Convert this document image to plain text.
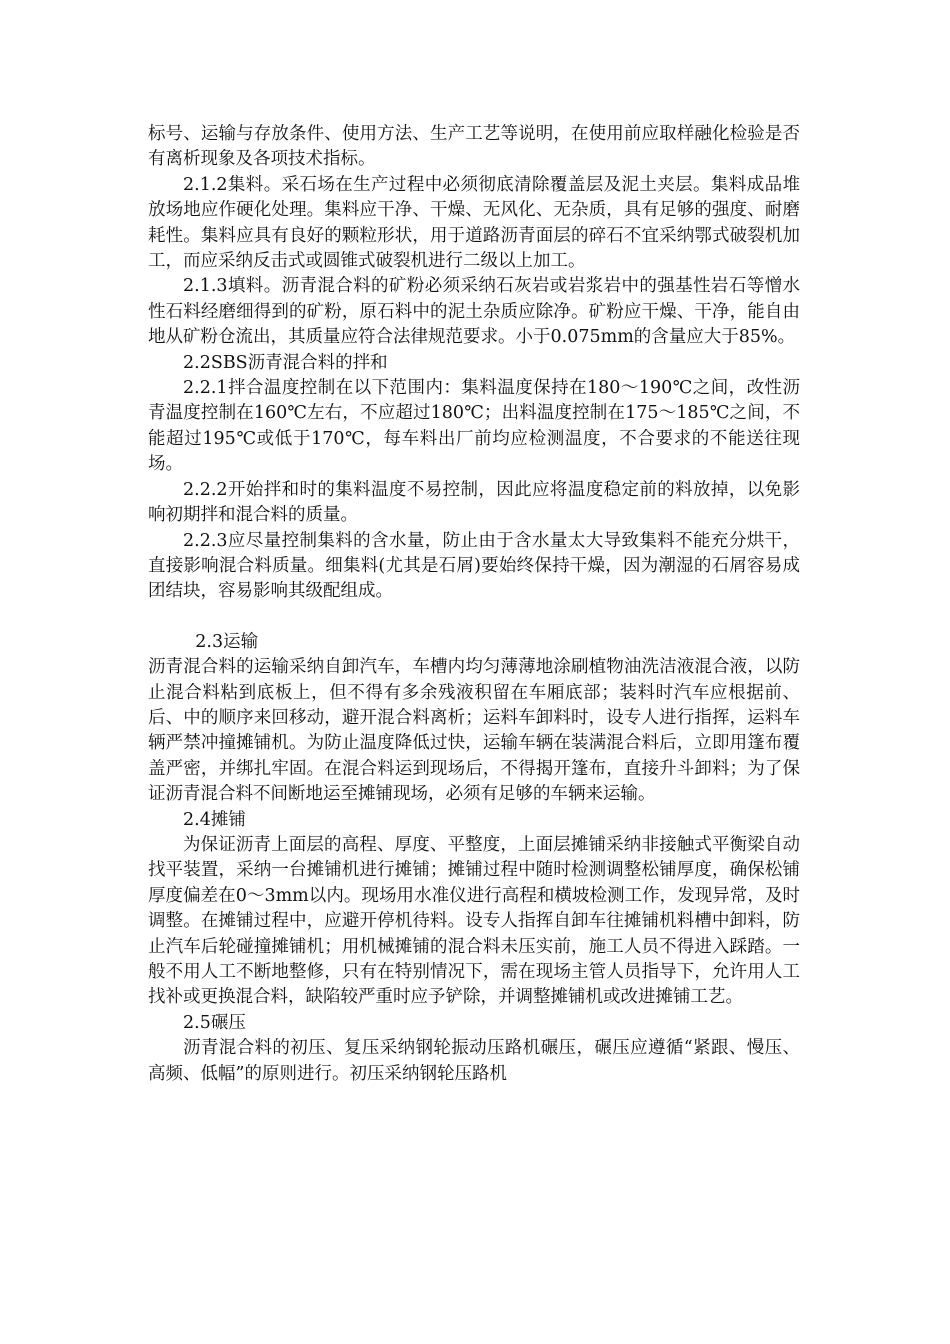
标号、运输与存放条件、使用方法、生产工艺等说明，在使用前应取样融化检验是否有离析现象及各项技术指标。

2.1.2集料。采石场在生产过程中必须彻底清除覆盖层及泥土夹层。集料成品堆放场地应作硬化处理。集料应干净、干燥、无风化、无杂质，具有足够的强度、耐磨耗性。集料应具有良好的颗粒形状，用于道路沥青面层的碎石不宜采纳鄂式破裂机加工，而应采纳反击式或圆锥式破裂机进行二级以上加工。

2.1.3填料。沥青混合料的矿粉必须采纳石灰岩或岩浆岩中的强基性岩石等憎水性石料经磨细得到的矿粉，原石料中的泥土杂质应除净。矿粉应干燥、干净，能自由地从矿粉仓流出，其质量应符合法律规范要求。小于0.075mm的含量应大于85%。

2.2SBS沥青混合料的拌和

2.2.1拌合温度控制在以下范围内：集料温度保持在180～190℃之间，改性沥青温度控制在160℃左右，不应超过180℃；出料温度控制在175～185℃之间，不能超过195℃或低于170℃，每车料出厂前均应检测温度，不合要求的不能送往现场。

2.2.2开始拌和时的集料温度不易控制，因此应将温度稳定前的料放掉，以免影响初期拌和混合料的质量。

2.2.3应尽量控制集料的含水量，防止由于含水量太大导致集料不能充分烘干，直接影响混合料质量。细集料(尤其是石屑)要始终保持干燥，因为潮湿的石屑容易成团结块，容易影响其级配组成。

2.3运输

沥青混合料的运输采纳自卸汽车，车槽内均匀薄薄地涂刷植物油洗洁液混合液，以防止混合料粘到底板上，但不得有多余残液积留在车厢底部；装料时汽车应根据前、后、中的顺序来回移动，避开混合料离析；运料车卸料时，设专人进行指挥，运料车辆严禁冲撞摊铺机。为防止温度降低过快，运输车辆在装满混合料后，立即用篷布覆盖严密，并绑扎牢固。在混合料运到现场后，不得揭开篷布，直接升斗卸料；为了保证沥青混合料不间断地运至摊铺现场，必须有足够的车辆来运输。

2.4摊铺

为保证沥青上面层的高程、厚度、平整度，上面层摊铺采纳非接触式平衡梁自动找平装置，采纳一台摊铺机进行摊铺；摊铺过程中随时检测调整松铺厚度，确保松铺厚度偏差在0～3mm以内。现场用水准仪进行高程和横坡检测工作，发现异常，及时调整。在摊铺过程中，应避开停机待料。设专人指挥自卸车往摊铺机料槽中卸料，防止汽车后轮碰撞摊铺机；用机械摊铺的混合料未压实前，施工人员不得进入踩踏。一般不用人工不断地整修，只有在特别情况下，需在现场主管人员指导下，允许用人工找补或更换混合料，缺陷较严重时应予铲除，并调整摊铺机或改进摊铺工艺。

2.5碾压

沥青混合料的初压、复压采纳钢轮振动压路机碾压，碾压应遵循“紧跟、慢压、高频、低幅”的原则进行。初压采纳钢轮压路机
